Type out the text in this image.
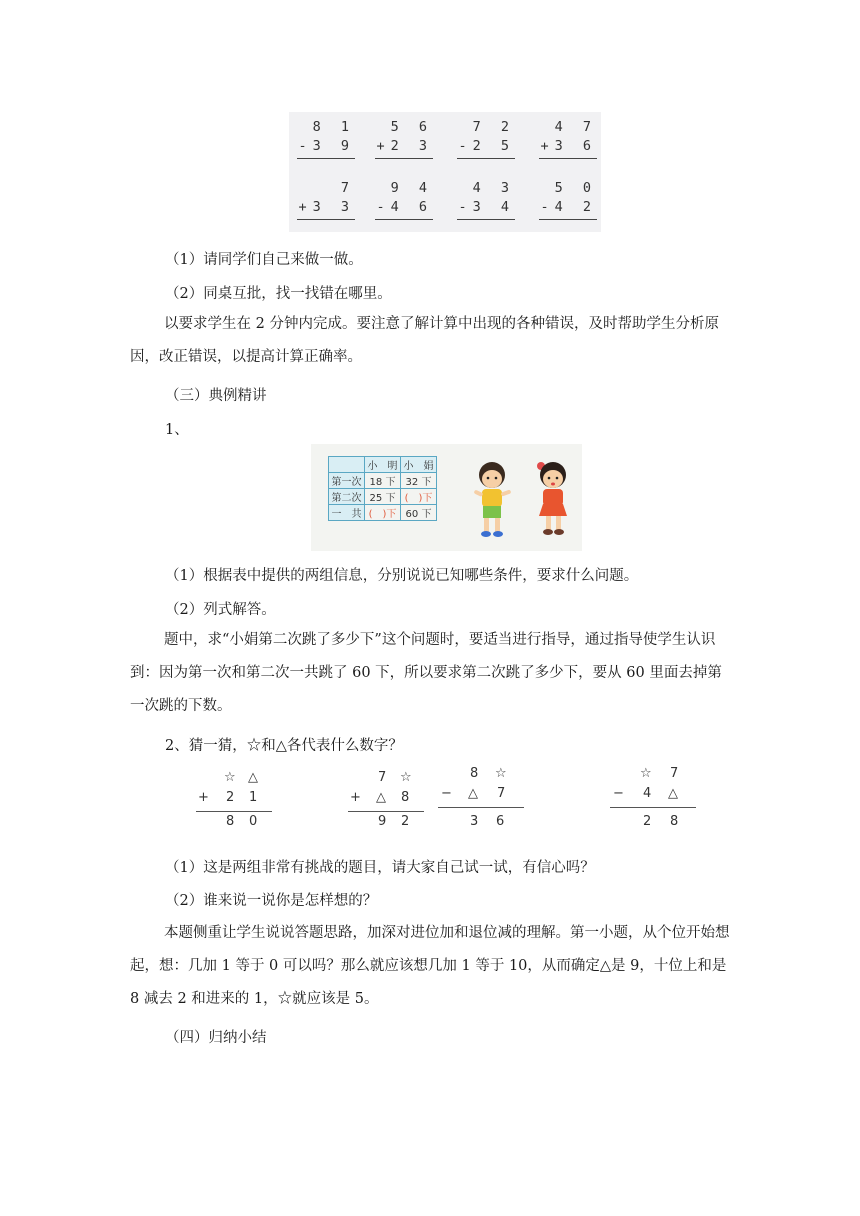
8 1
- 3 9
5 6
+ 2 3
7 2
- 2 5
4 7
+ 3 6
7
+ 3 3
9 4
- 4 6
4 3
- 3 4
5 0
- 4 2
（1）请同学们自己来做一做。
（2）同桌互批，找一找错在哪里。

以要求学生在 2 分钟内完成。要注意了解计算中出现的各种错误，及时帮助学生分析原因，改正错误，以提高计算正确率。

（三）典例精讲
1、
	小　明	小　娟
第一次	18 下	32 下
第二次	25 下	(　)下
一　共	(　)下	60 下
（1）根据表中提供的两组信息，分别说说已知哪些条件，要求什么问题。
（2）列式解答。

题中，求“小娟第二次跳了多少下”这个问题时，要适当进行指导，通过指导使学生认识到：因为第一次和第二次一共跳了 60 下，所以要求第二次跳了多少下，要从 60 里面去掉第一次跳的下数。

2、猜一猜，☆和△各代表什么数字？
☆ △
+ 2 1
8 0
7 ☆
+ △ 8
9 2
8 ☆
− △ 7
3 6
☆ 7
− 4 △
2 8
（1）这是两组非常有挑战的题目，请大家自己试一试，有信心吗？
（2）谁来说一说你是怎样想的？

本题侧重让学生说说答题思路，加深对进位加和退位减的理解。第一小题，从个位开始想起，想：几加 1 等于 0 可以吗？那么就应该想几加 1 等于 10，从而确定△是 9，十位上和是 8 减去 2 和进来的 1，☆就应该是 5。

（四）归纳小结
